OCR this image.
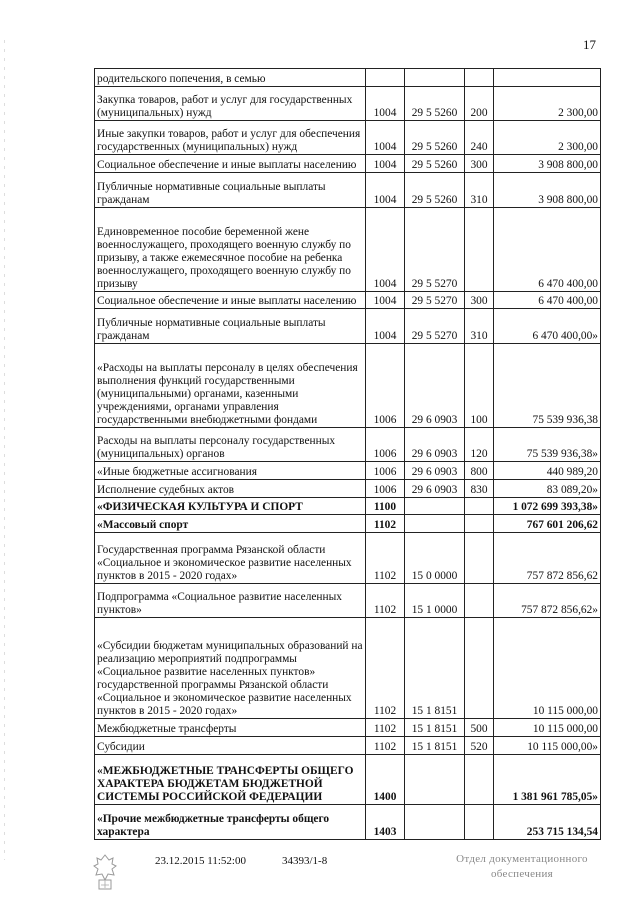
17
родительского попечения, в семью				
Закупка товаров, работ и услуг для государственных (муниципальных) нужд	1004	29 5 5260	200	2 300,00
Иные закупки товаров, работ и услуг для обеспечения государственных (муниципальных) нужд	1004	29 5 5260	240	2 300,00
Социальное обеспечение и иные выплаты населению	1004	29 5 5260	300	3 908 800,00
Публичные нормативные социальные выплаты гражданам	1004	29 5 5260	310	3 908 800,00
Единовременное пособие беременной жене военнослужащего, проходящего военную службу по призыву, а также ежемесячное пособие на ребенка военнослужащего, проходящего военную службу по призыву	1004	29 5 5270		6 470 400,00
Социальное обеспечение и иные выплаты населению	1004	29 5 5270	300	6 470 400,00
Публичные нормативные социальные выплаты гражданам	1004	29 5 5270	310	6 470 400,00»
«Расходы на выплаты персоналу в целях обеспечения выполнения функций государственными (муниципальными) органами, казенными учреждениями, органами управления государственными внебюджетными фондами	1006	29 6 0903	100	75 539 936,38
Расходы на выплаты персоналу государственных (муниципальных) органов	1006	29 6 0903	120	75 539 936,38»
«Иные бюджетные ассигнования	1006	29 6 0903	800	440 989,20
Исполнение судебных актов	1006	29 6 0903	830	83 089,20»
«ФИЗИЧЕСКАЯ КУЛЬТУРА И СПОРТ	1100			1 072 699 393,38»
«Массовый спорт	1102			767 601 206,62
Государственная программа Рязанской области «Социальное и экономическое развитие населенных пунктов в 2015 - 2020 годах»	1102	15 0 0000		757 872 856,62
Подпрограмма «Социальное развитие населенных пунктов»	1102	15 1 0000		757 872 856,62»
«Субсидии бюджетам муниципальных образований на реализацию мероприятий подпрограммы «Социальное развитие населенных пунктов» государственной программы Рязанской области «Социальное и экономическое развитие населенных пунктов в 2015 - 2020 годах»	1102	15 1 8151		10 115 000,00
Межбюджетные трансферты	1102	15 1 8151	500	10 115 000,00
Субсидии	1102	15 1 8151	520	10 115 000,00»
«МЕЖБЮДЖЕТНЫЕ ТРАНСФЕРТЫ ОБЩЕГО ХАРАКТЕРА БЮДЖЕТАМ БЮДЖЕТНОЙ СИСТЕМЫ РОССИЙСКОЙ ФЕДЕРАЦИИ	1400			1 381 961 785,05»
«Прочие межбюджетные трансферты общего характера	1403			253 715 134,54
23.12.2015 11:52:00	34393/1-8	Отдел документационного
обеспечения
